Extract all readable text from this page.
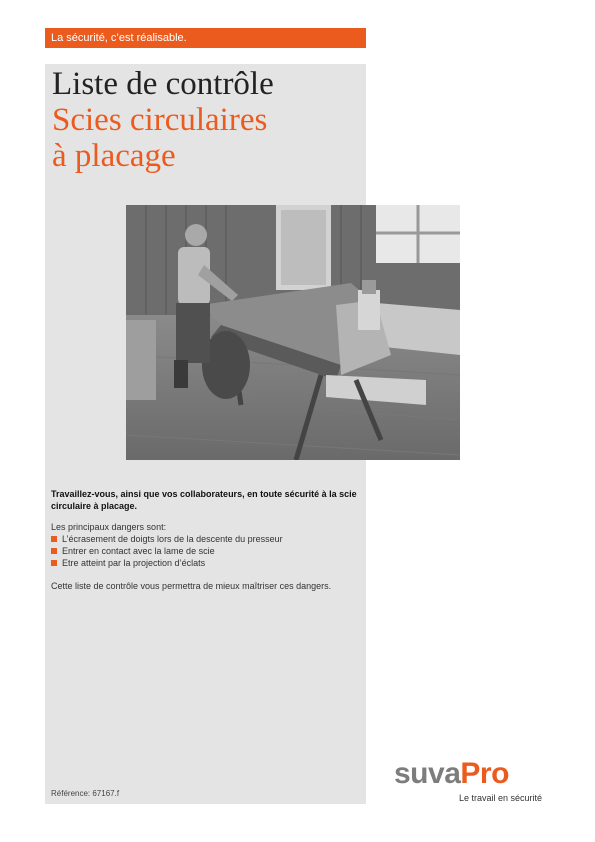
La sécurité, c’est réalisable.
Liste de contrôle
Scies circulaires
à placage

Travaillez-vous, ainsi que vos collaborateurs, en toute sécurité à la scie circulaire à placage.

Les principaux dangers sont:

L’écrasement de doigts lors de la descente du presseur
Entrer en contact avec la lame de scie
Etre atteint par la projection d’éclats

Cette liste de contrôle vous permettra de mieux maîtriser ces dangers.

Référence: 67167.f
suvaPro
Le travail en sécurité
